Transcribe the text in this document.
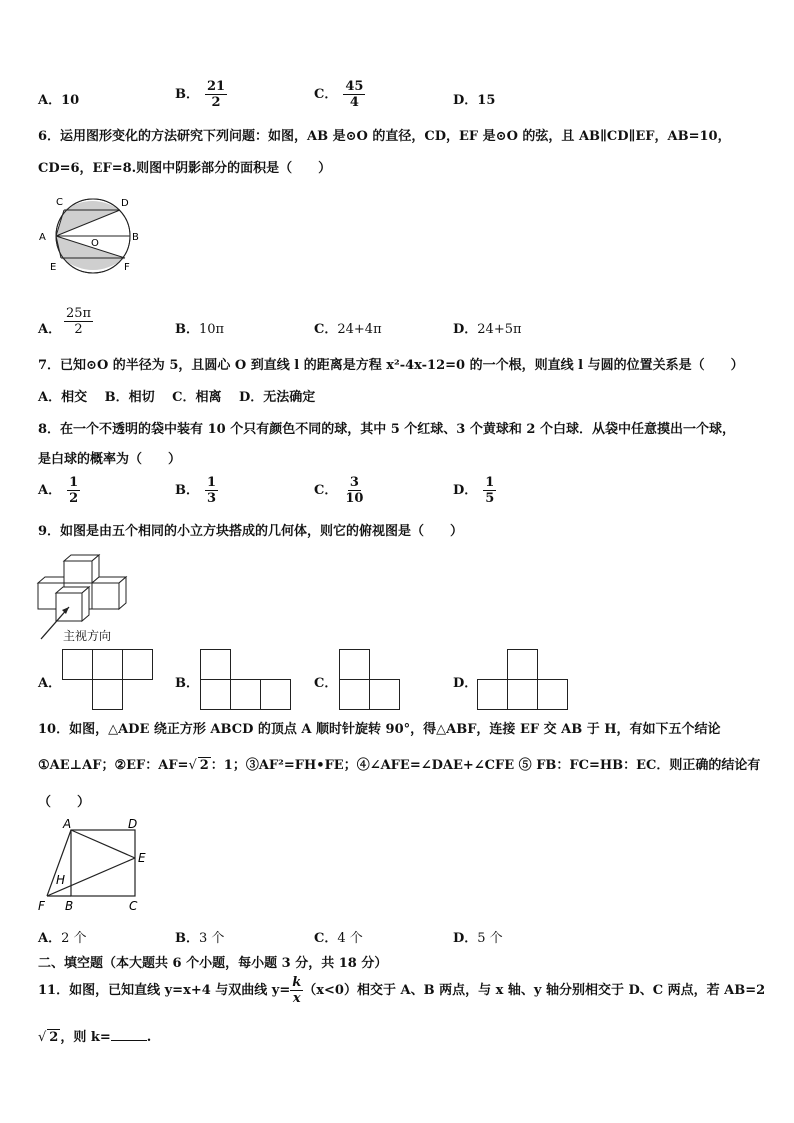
A．10	B． $\frac{21}{2}$	C． $\frac{45}{4}$	D．15
6．运用图形变化的方法研究下列问题：如图，AB 是⊙O 的直径，CD，EF 是⊙O 的弦，且 AB∥CD∥EF，AB=10，
CD=6，EF=8.则图中阴影部分的面积是（　　）
C	D
A	B
O
E	F
A． $\frac{25\pi}{2}$	B．10π	C．24+4π	D．24+5π
7．已知⊙O 的半径为 5，且圆心 O 到直线 l 的距离是方程 x²-4x-12=0 的一个根，则直线 l 与圆的位置关系是（　　）
A．相交　 B．相切　 C．相离　 D．无法确定
8．在一个不透明的袋中装有 10 个只有颜色不同的球，其中 5 个红球、3 个黄球和 2 个白球．从袋中任意摸出一个球，
是白球的概率为（　　）
A． $\frac{1}{2}$	B． $\frac{1}{3}$	C． $\frac{3}{10}$	D． $\frac{1}{5}$
9．如图是由五个相同的小立方块搭成的几何体，则它的俯视图是（　　）
主视方向
A．	B．	C．	D．
10．如图，△ADE 绕正方形 ABCD 的顶点 A 顺时针旋转 90°，得△ABF，连接 EF 交 AB 于 H，有如下五个结论
①AE⊥AF；②EF：AF=√ 2 ：1；③AF²=FH•FE；④∠AFE=∠DAE+∠CFE ⑤ FB：FC=HB：EC．则正确的结论有
（　　）
A	D
E
H
F B	C
A．2 个	B．3 个	C．4 个	D．5 个
二、填空题（本大题共 6 个小题，每小题 3 分，共 18 分）
11．如图，已知直线 y=x+4 与双曲线 $y= \frac{k}{x} (x<0)$相交于 A、B 两点，与 x 轴、y 轴分别相交于 D、C 两点，若 AB=2
√ 2 ，则 k=	.
